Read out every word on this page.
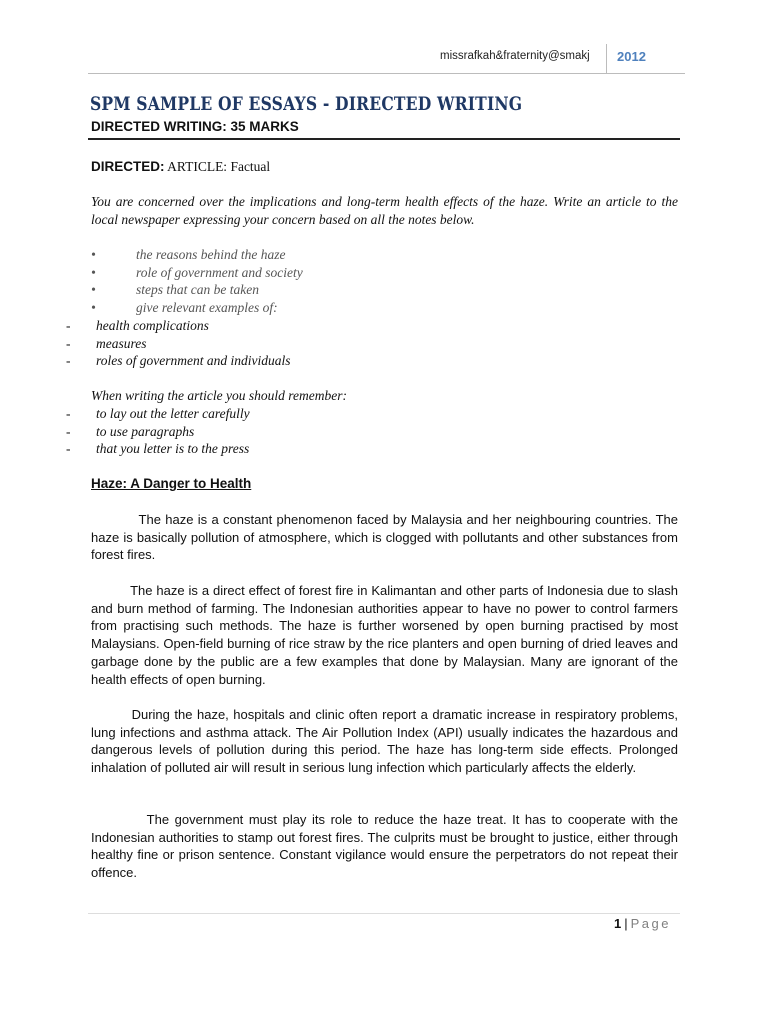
missrafkah&fraternity@smakj 2012
SPM SAMPLE OF ESSAYS - DIRECTED WRITING
DIRECTED WRITING: 35 MARKS
DIRECTED: ARTICLE: Factual
You are concerned over the implications and long-term health effects of the haze. Write an article to the local newspaper expressing your concern based on all the notes below.
•	the reasons behind the haze
•	role of government and society
•	steps that can be taken
•	give relevant examples of:
- health complications
- measures
- roles of government and individuals
When writing the article you should remember:
- to lay out the letter carefully
- to use paragraphs
- that you letter is to the press
Haze: A Danger to Health
The haze is a constant phenomenon faced by Malaysia and her neighbouring countries. The haze is basically pollution of atmosphere, which is clogged with pollutants and other substances from forest fires.
The haze is a direct effect of forest fire in Kalimantan and other parts of Indonesia due to slash and burn method of farming. The Indonesian authorities appear to have no power to control farmers from practising such methods. The haze is further worsened by open burning practised by most Malaysians. Open-field burning of rice straw by the rice planters and open burning of dried leaves and garbage done by the public are a few examples that done by Malaysian. Many are ignorant of the health effects of open burning.
During the haze, hospitals and clinic often report a dramatic increase in respiratory problems, lung infections and asthma attack. The Air Pollution Index (API) usually indicates the hazardous and dangerous levels of pollution during this period. The haze has long-term side effects. Prolonged inhalation of polluted air will result in serious lung infection which particularly affects the elderly.
The government must play its role to reduce the haze treat. It has to cooperate with the Indonesian authorities to stamp out forest fires. The culprits must be brought to justice, either through healthy fine or prison sentence. Constant vigilance would ensure the perpetrators do not repeat their offence.
1 | Page
